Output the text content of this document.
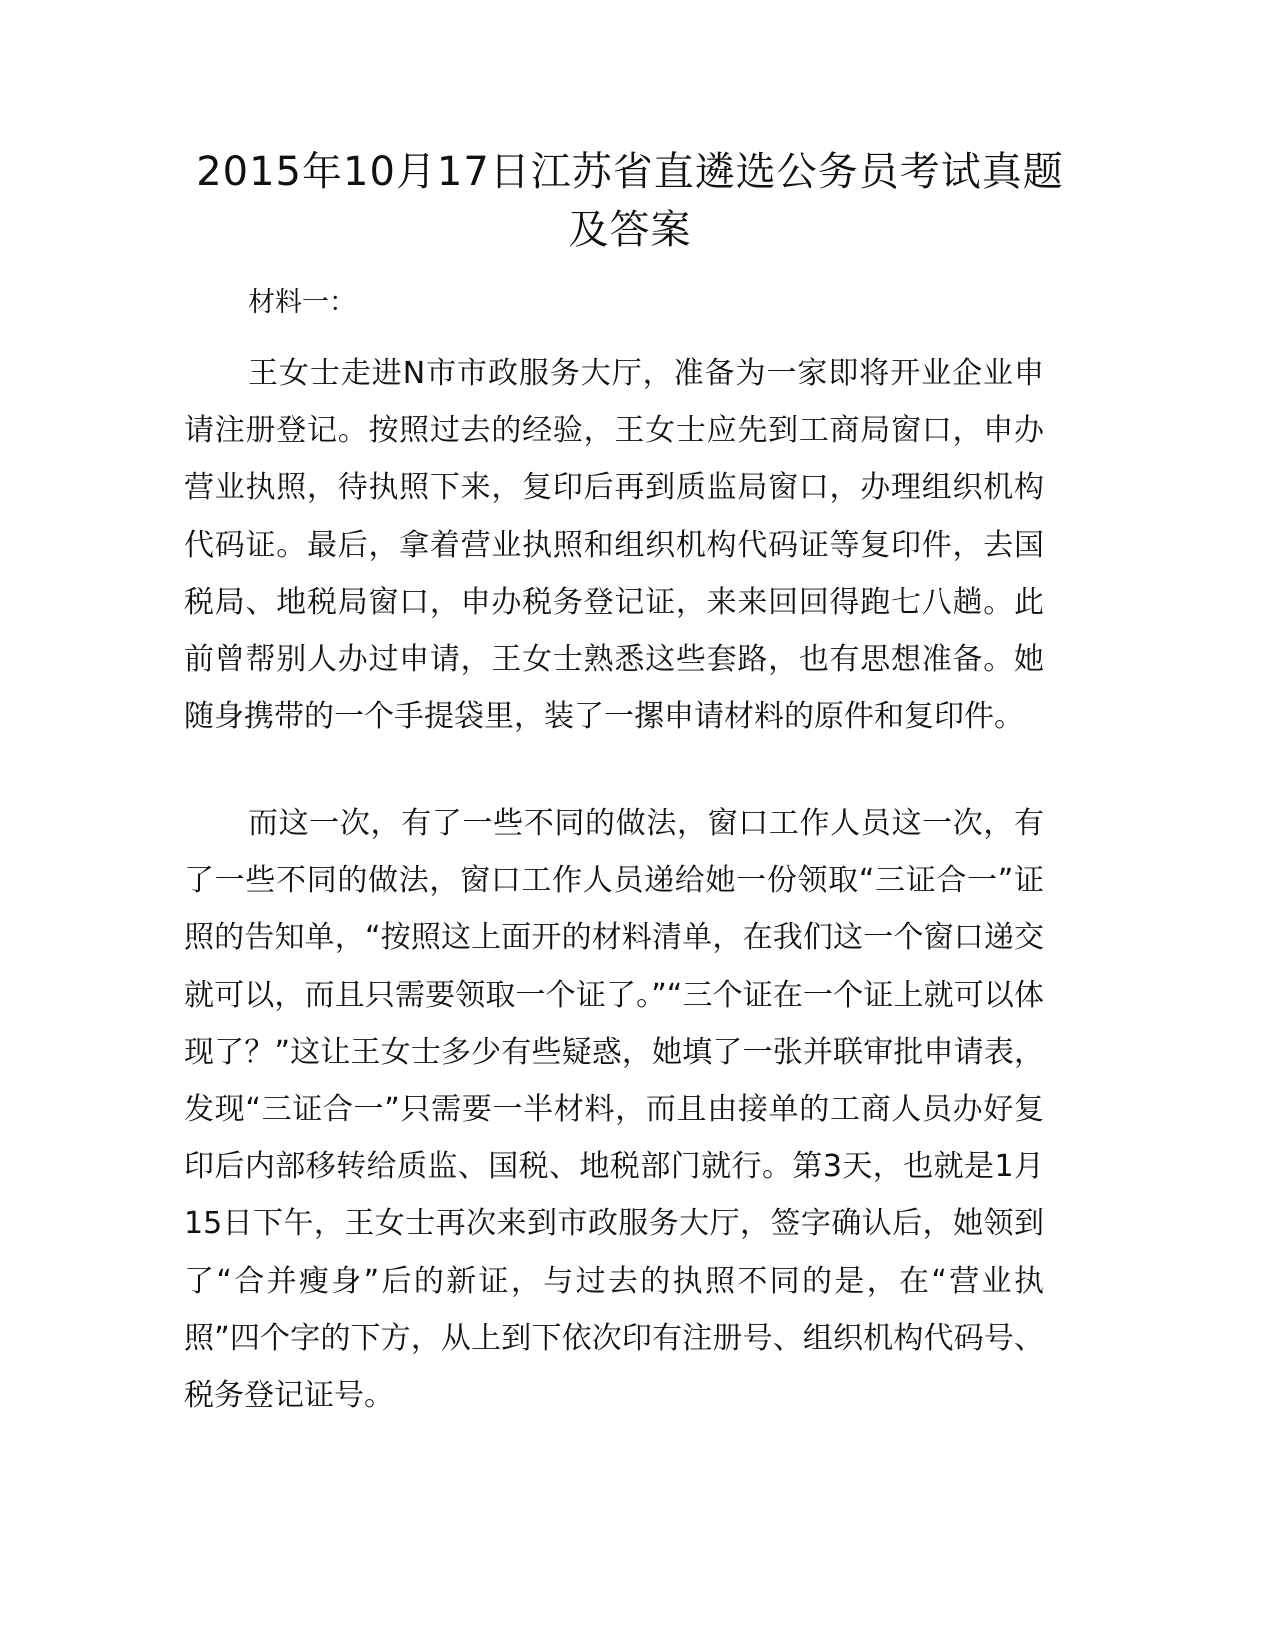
2015年10月17日江苏省直遴选公务员考试真题及答案

材料一：

王女士走进N市市政服务大厅，准备为一家即将开业企业申请注册登记。按照过去的经验，王女士应先到工商局窗口，申办营业执照，待执照下来，复印后再到质监局窗口，办理组织机构代码证。最后，拿着营业执照和组织机构代码证等复印件，去国税局、地税局窗口，申办税务登记证，来来回回得跑七八趟。此前曾帮别人办过申请，王女士熟悉这些套路，也有思想准备。她随身携带的一个手提袋里，装了一摞申请材料的原件和复印件。

而这一次，有了一些不同的做法，窗口工作人员这一次，有了一些不同的做法，窗口工作人员递给她一份领取“三证合一”证照的告知单，“按照这上面开的材料清单，在我们这一个窗口递交就可以，而且只需要领取一个证了。”“三个证在一个证上就可以体现了？”这让王女士多少有些疑惑，她填了一张并联审批申请表，发现“三证合一”只需要一半材料，而且由接单的工商人员办好复印后内部移转给质监、国税、地税部门就行。第3天，也就是1月15日下午，王女士再次来到市政服务大厅，签字确认后，她领到了“合并瘦身”后的新证，与过去的执照不同的是，在“营业执照”四个字的下方，从上到下依次印有注册号、组织机构代码号、税务登记证号。
